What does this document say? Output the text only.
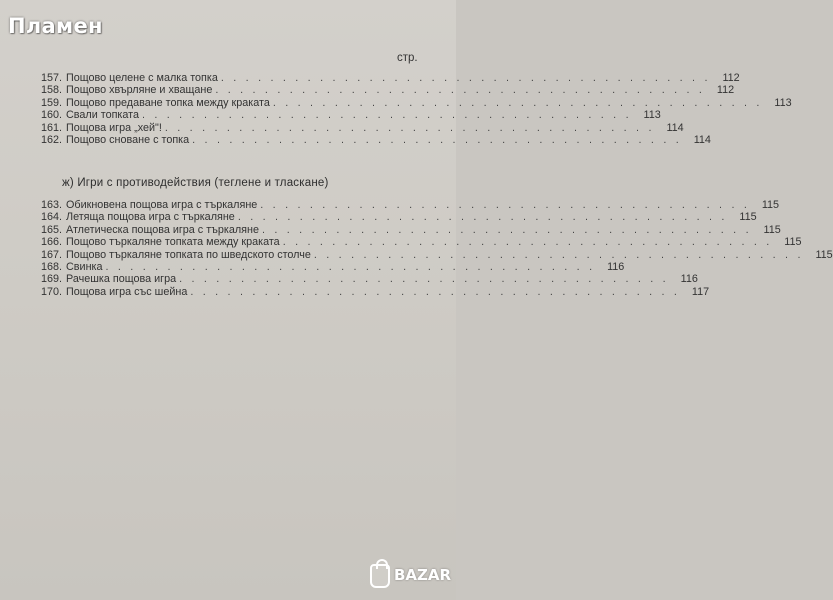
Пламен
стр.
157. Пощово целене с малка топка . . . . . . . . . . . . . . . . . . . . . . . . . . . . . . . . . . . . . . . .	112
158. Пощово хвърляне и хващане . . . . . . . . . . . . . . . . . . . . . . . . . . . . . . . . . . . . . . . .	112
159. Пощово предаване топка между краката . . . . . . . . . . . . . . . . . . . . . . . . . . . . . . . . . . . . . . . .	113
160. Свали топката . . . . . . . . . . . . . . . . . . . . . . . . . . . . . . . . . . . . . . . .	113
161. Пощова игра „хей"! . . . . . . . . . . . . . . . . . . . . . . . . . . . . . . . . . . . . . . . .	114
162. Пощово сноване с топка . . . . . . . . . . . . . . . . . . . . . . . . . . . . . . . . . . . . . . . .	114
ж) Игри с противодействия (теглене и тласкане)
163. Обикновена пощова игра с търкаляне . . . . . . . . . . . . . . . . . . . . . . . . . . . . . . . . . . . . . . . .	115
164. Летяща пощова игра с търкаляне . . . . . . . . . . . . . . . . . . . . . . . . . . . . . . . . . . . . . . . .	115
165. Атлетическа пощова игра с търкаляне . . . . . . . . . . . . . . . . . . . . . . . . . . . . . . . . . . . . . . . .	115
166. Пощово търкаляне топката между краката . . . . . . . . . . . . . . . . . . . . . . . . . . . . . . . . . . . . . . . .	115
167. Пощово търкаляне топката по шведското столче . . . . . . . . . . . . . . . . . . . . . . . . . . . . . . . . . . . . . . . .	115
168. Свинка . . . . . . . . . . . . . . . . . . . . . . . . . . . . . . . . . . . . . . . .	116
169. Рачешка пощова игра . . . . . . . . . . . . . . . . . . . . . . . . . . . . . . . . . . . . . . . .	116
170. Пощова игра със шейна . . . . . . . . . . . . . . . . . . . . . . . . . . . . . . . . . . . . . . . .	117
BAZAR
